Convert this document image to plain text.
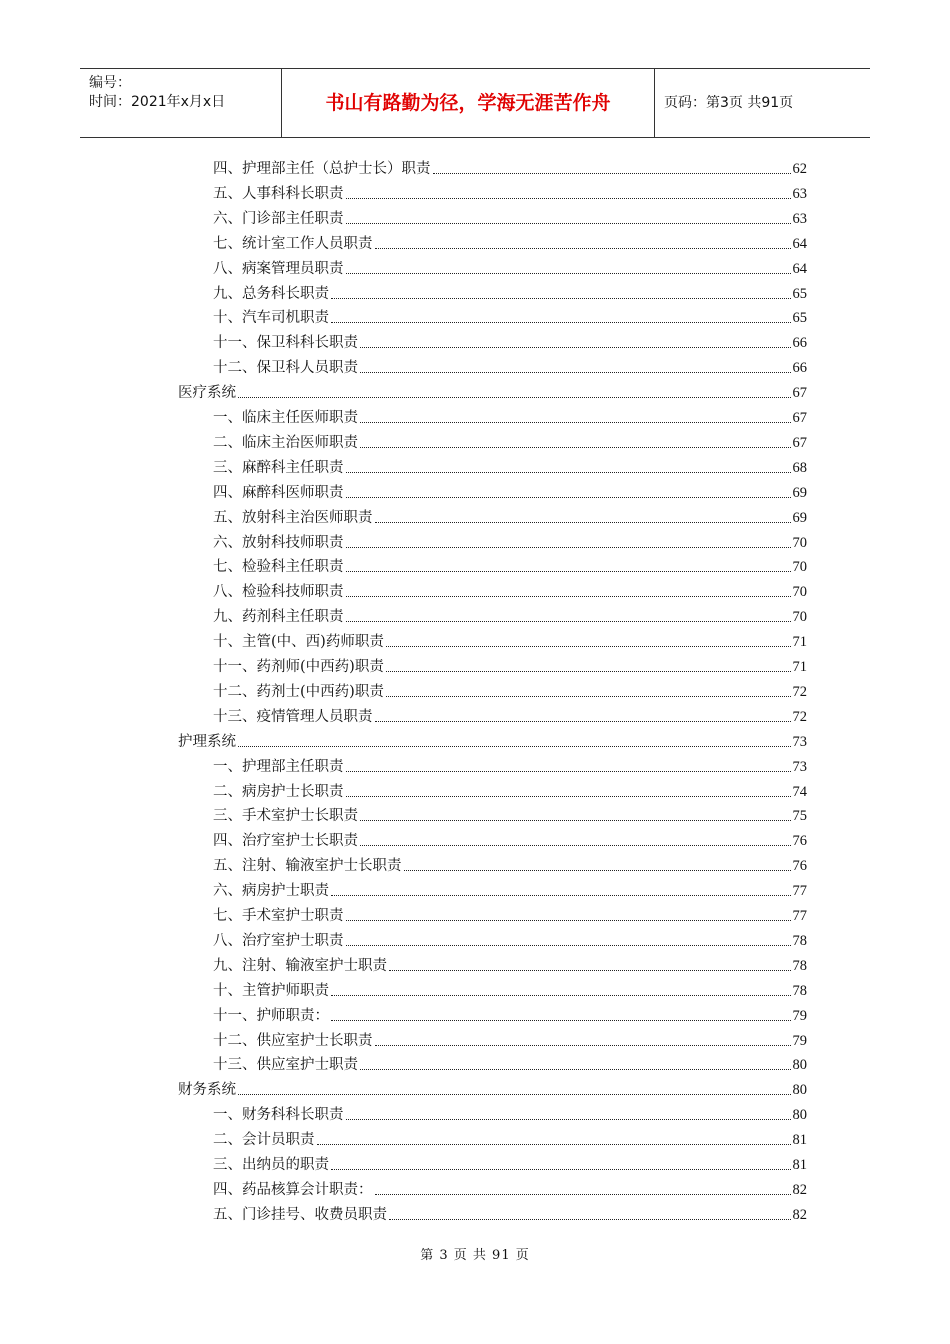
编号：
时间：2021年x月x日	书山有路勤为径，学海无涯苦作舟	页码：第3页 共91页
四、护理部主任（总护士长）职责	62
五、人事科科长职责	63
六、门诊部主任职责	63
七、统计室工作人员职责	64
八、病案管理员职责	64
九、总务科长职责	65
十、汽车司机职责	65
十一、保卫科科长职责	66
十二、保卫科人员职责	66
医疗系统	67
一、临床主任医师职责	67
二、临床主治医师职责	67
三、麻醉科主任职责	68
四、麻醉科医师职责	69
五、放射科主治医师职责	69
六、放射科技师职责	70
七、检验科主任职责	70
八、检验科技师职责	70
九、药剂科主任职责	70
十、主管(中、西)药师职责	71
十一、药剂师(中西药)职责	71
十二、药剂士(中西药)职责	72
十三、疫情管理人员职责	72
护理系统	73
一、护理部主任职责	73
二、病房护士长职责	74
三、手术室护士长职责	75
四、治疗室护士长职责	76
五、注射、输液室护士长职责	76
六、病房护士职责	77
七、手术室护士职责	77
八、治疗室护士职责	78
九、注射、输液室护士职责	78
十、主管护师职责	78
十一、护师职责：	79
十二、供应室护士长职责	79
十三、供应室护士职责	80
财务系统	80
一、财务科科长职责	80
二、会计员职责	81
三、出纳员的职责	81
四、药品核算会计职责：	82
五、门诊挂号、收费员职责	82
第 3 页 共 91 页
